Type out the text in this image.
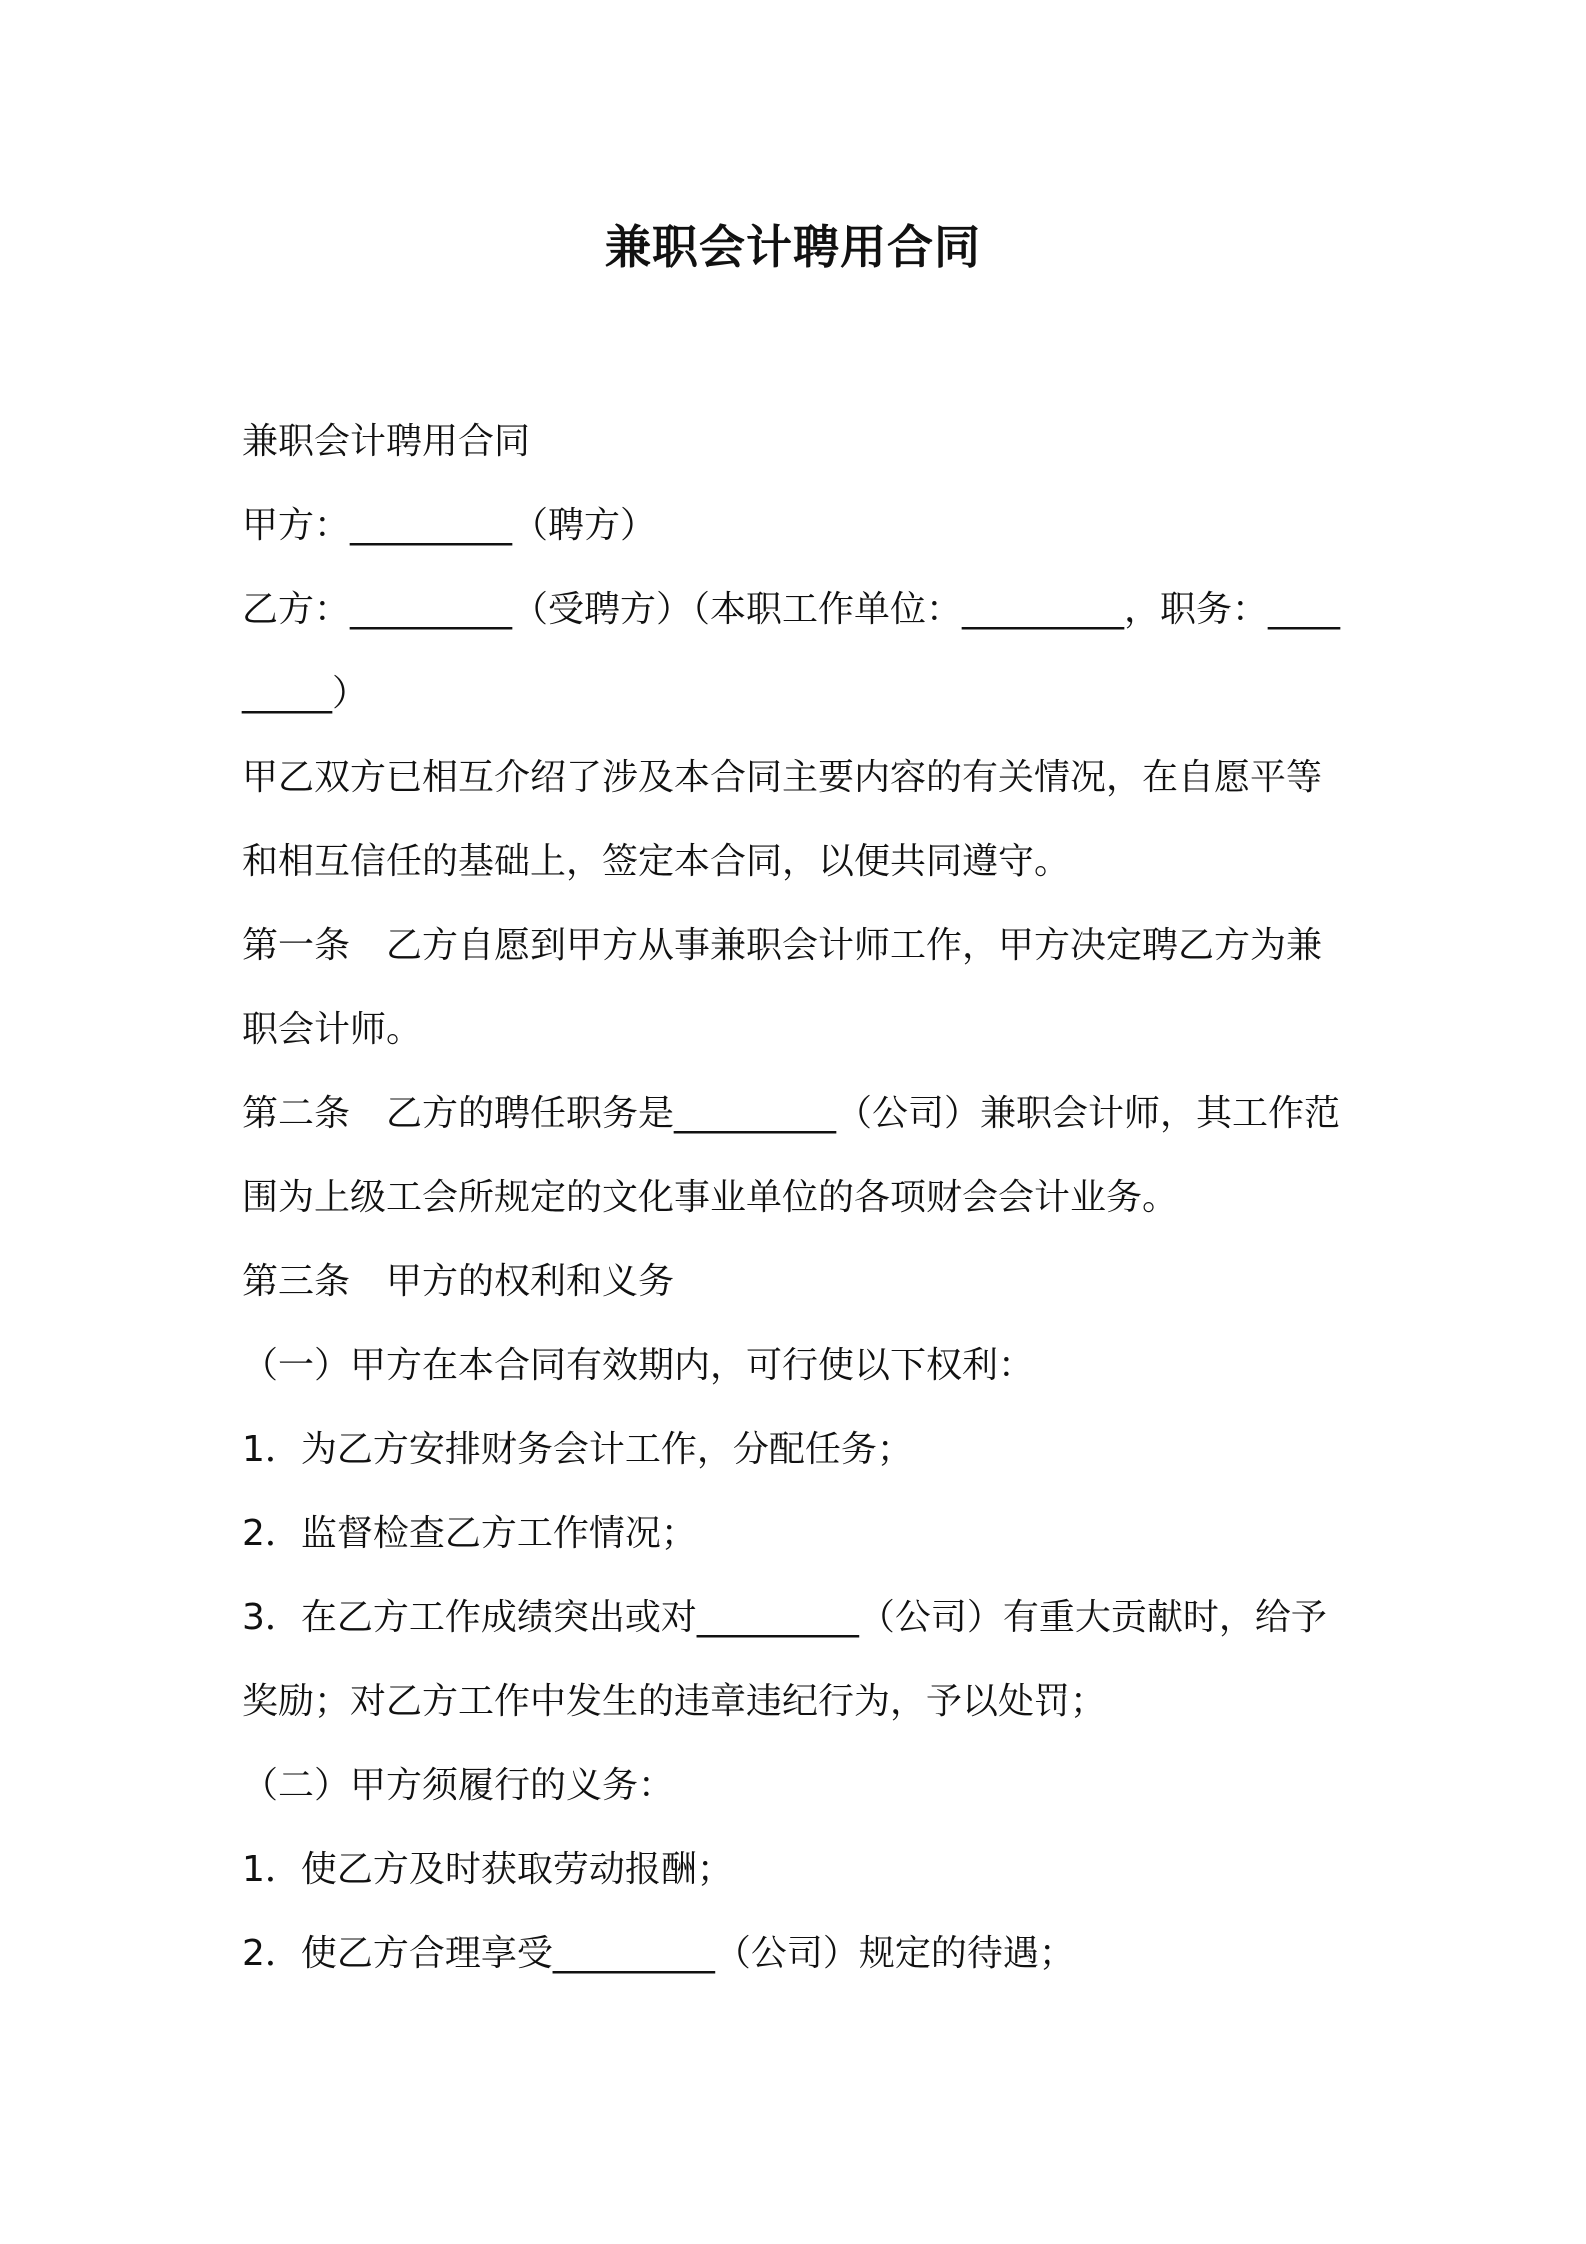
兼职会计聘用合同

兼职会计聘用合同

甲方：_________（聘方）

乙方：_________（受聘方）（本职工作单位：_________，职务：_________）

甲乙双方已相互介绍了涉及本合同主要内容的有关情况，在自愿平等和相互信任的基础上，签定本合同，以便共同遵守。

第一条　乙方自愿到甲方从事兼职会计师工作，甲方决定聘乙方为兼职会计师。

第二条　乙方的聘任职务是_________（公司）兼职会计师，其工作范围为上级工会所规定的文化事业单位的各项财会会计业务。

第三条　甲方的权利和义务

（一）甲方在本合同有效期内，可行使以下权利：

1．为乙方安排财务会计工作，分配任务；

2．监督检查乙方工作情况；

3．在乙方工作成绩突出或对_________（公司）有重大贡献时，给予奖励；对乙方工作中发生的违章违纪行为，予以处罚；

（二）甲方须履行的义务：

1．使乙方及时获取劳动报酬；

2．使乙方合理享受_________（公司）规定的待遇；
